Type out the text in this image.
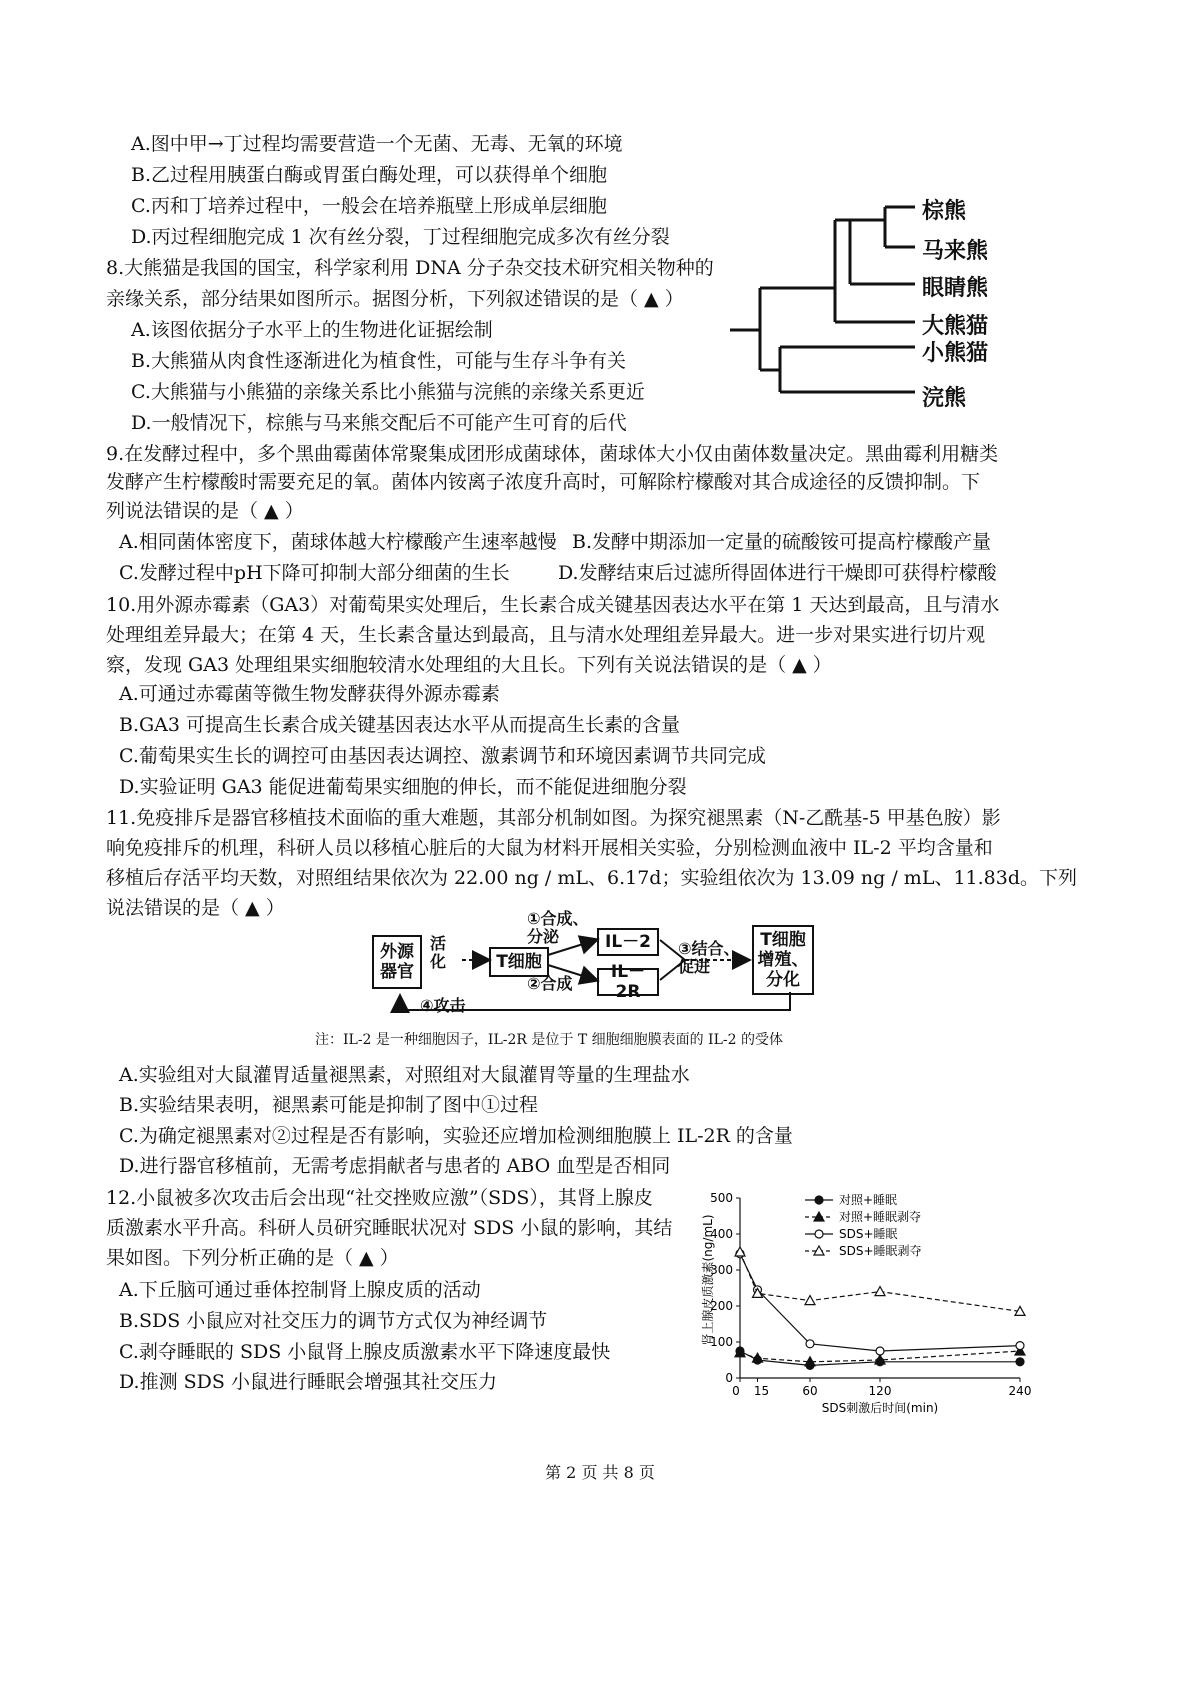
A.图中甲→丁过程均需要营造一个无菌、无毒、无氧的环境
B.乙过程用胰蛋白酶或胃蛋白酶处理，可以获得单个细胞
C.丙和丁培养过程中，一般会在培养瓶壁上形成单层细胞
D.丙过程细胞完成 1 次有丝分裂，丁过程细胞完成多次有丝分裂
8.大熊猫是我国的国宝，科学家利用 DNA 分子杂交技术研究相关物种的
亲缘关系，部分结果如图所示。据图分析，下列叙述错误的是（ ▲ ）
A.该图依据分子水平上的生物进化证据绘制
B.大熊猫从肉食性逐渐进化为植食性，可能与生存斗争有关
C.大熊猫与小熊猫的亲缘关系比小熊猫与浣熊的亲缘关系更近
D.一般情况下，棕熊与马来熊交配后不可能产生可育的后代
棕熊
马来熊
眼睛熊
大熊猫
小熊猫
浣熊
9.在发酵过程中，多个黑曲霉菌体常聚集成团形成菌球体，菌球体大小仅由菌体数量决定。黑曲霉利用糖类
发酵产生柠檬酸时需要充足的氧。菌体内铵离子浓度升高时，可解除柠檬酸对其合成途径的反馈抑制。下
列说法错误的是（ ▲ ）
A.相同菌体密度下，菌球体越大柠檬酸产生速率越慢 B.发酵中期添加一定量的硫酸铵可提高柠檬酸产量
C.发酵过程中pH下降可抑制大部分细菌的生长	D.发酵结束后过滤所得固体进行干燥即可获得柠檬酸
10.用外源赤霉素（GA3）对葡萄果实处理后，生长素合成关键基因表达水平在第 1 天达到最高，且与清水
处理组差异最大；在第 4 天，生长素含量达到最高，且与清水处理组差异最大。进一步对果实进行切片观
察，发现 GA3 处理组果实细胞较清水处理组的大且长。下列有关说法错误的是（ ▲ ）
A.可通过赤霉菌等微生物发酵获得外源赤霉素
B.GA3 可提高生长素合成关键基因表达水平从而提高生长素的含量
C.葡萄果实生长的调控可由基因表达调控、激素调节和环境因素调节共同完成
D.实验证明 GA3 能促进葡萄果实细胞的伸长，而不能促进细胞分裂
11.免疫排斥是器官移植技术面临的重大难题，其部分机制如图。为探究褪黑素（N-乙酰基-5 甲基色胺）影
响免疫排斥的机理，科研人员以移植心脏后的大鼠为材料开展相关实验，分别检测血液中 IL-2 平均含量和
移植后存活平均天数，对照组结果依次为 22.00 ng / mL、6.17d；实验组依次为 13.09 ng / mL、11.83d。下列
说法错误的是（ ▲ ）
外源
器官
活
化	T细胞
①合成、
分泌
②合成
IL－2
IL－2R
③结合、
促进
T细胞
增殖、
分化
④攻击
注：IL-2 是一种细胞因子，IL-2R 是位于 T 细胞细胞膜表面的 IL-2 的受体
A.实验组对大鼠灌胃适量褪黑素，对照组对大鼠灌胃等量的生理盐水
B.实验结果表明，褪黑素可能是抑制了图中①过程
C.为确定褪黑素对②过程是否有影响，实验还应增加检测细胞膜上 IL-2R 的含量
D.进行器官移植前，无需考虑捐献者与患者的 ABO 血型是否相同
12.小鼠被多次攻击后会出现“社交挫败应激”（SDS），其肾上腺皮
质激素水平升高。科研人员研究睡眠状况对 SDS 小鼠的影响，其结
果如图。下列分析正确的是（ ▲ ）
A.下丘脑可通过垂体控制肾上腺皮质的活动
B.SDS 小鼠应对社交压力的调节方式仅为神经调节
C.剥夺睡眠的 SDS 小鼠肾上腺皮质激素水平下降速度最快
D.推测 SDS 小鼠进行睡眠会增强其社交压力	0
100
200
300
400
500
0 15	60	120	240
对照+睡眠
对照+睡眠剥夺
SDS+睡眠
SDS+睡眠剥夺
肾上腺皮质激素(ng/mL)
SDS刺激后时间(min)
第 2 页 共 8 页
